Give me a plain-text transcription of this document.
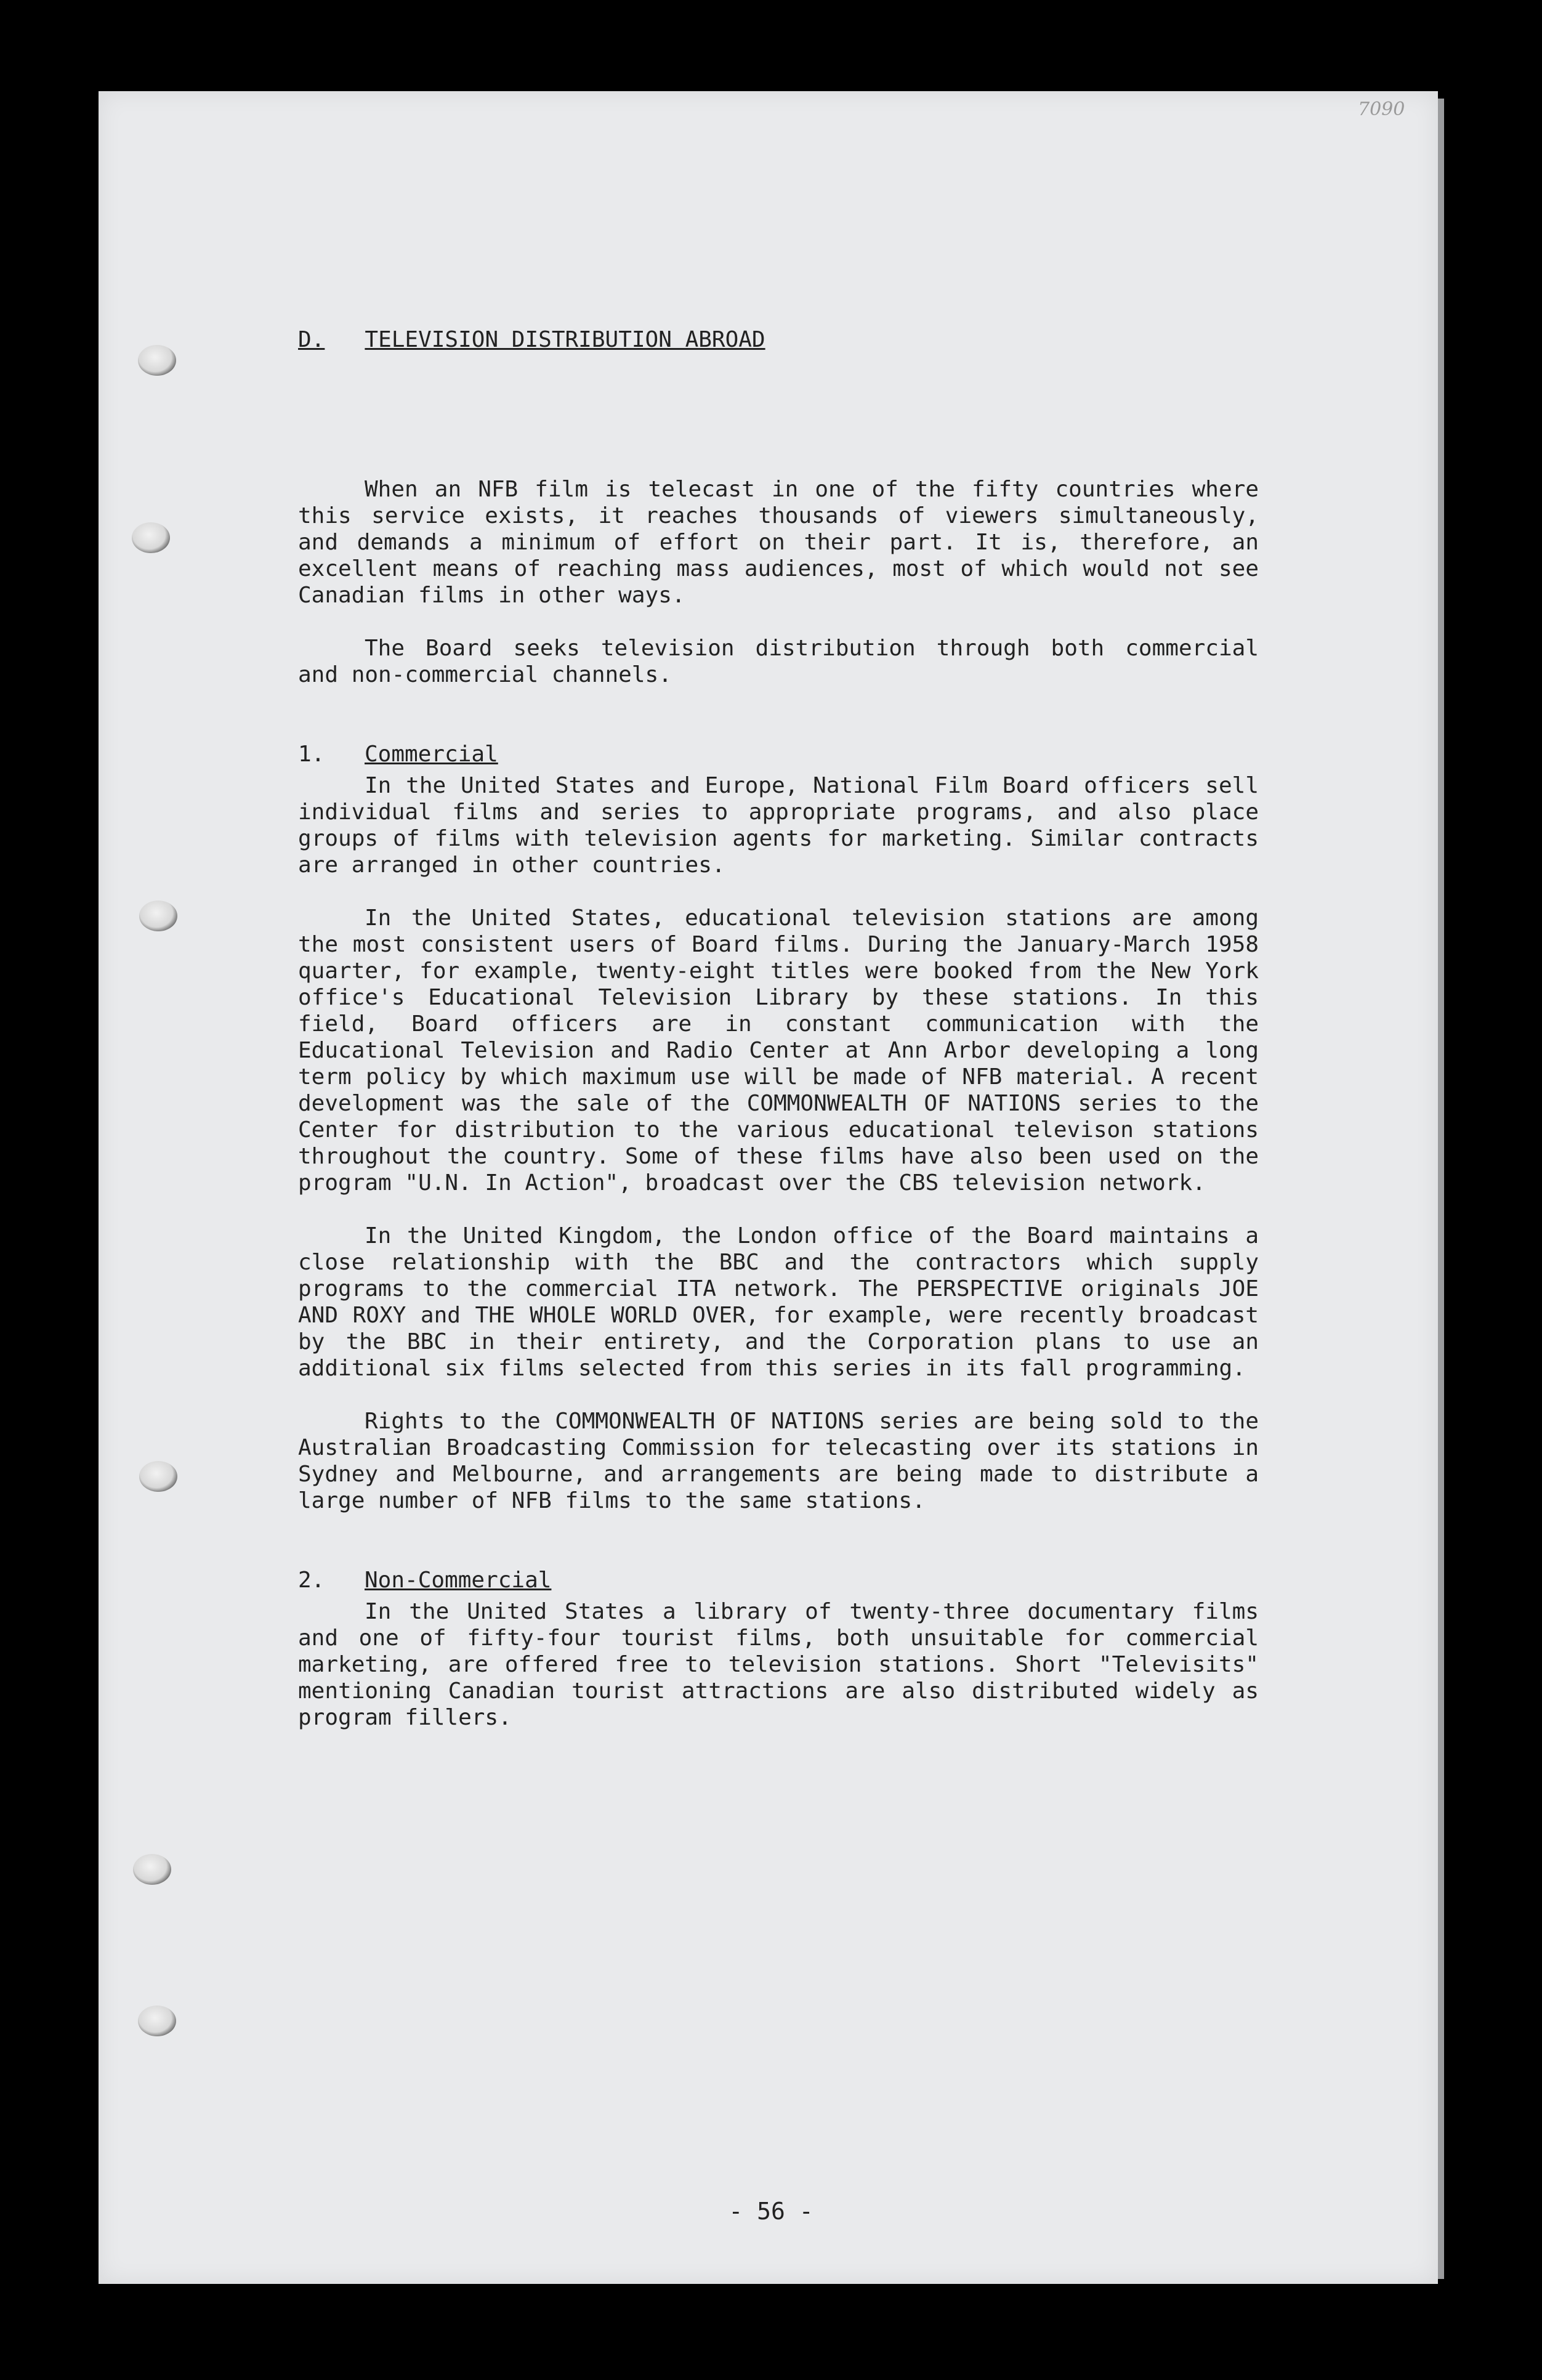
7090
D. TELEVISION DISTRIBUTION ABROAD

When an NFB film is telecast in one of the fifty countries where this service exists, it reaches thousands of viewers simultaneously, and demands a minimum of effort on their part. It is, therefore, an excellent means of reaching mass audiences, most of which would not see Canadian films in other ways.

The Board seeks television distribution through both commercial and non-commercial channels.

1. Commercial

In the United States and Europe, National Film Board officers sell individual films and series to appropriate programs, and also place groups of films with television agents for marketing. Similar contracts are arranged in other countries.

In the United States, educational television stations are among the most consistent users of Board films. During the January-March 1958 quarter, for example, twenty-eight titles were booked from the New York office's Educational Television Library by these stations. In this field, Board officers are in constant communication with the Educational Television and Radio Center at Ann Arbor developing a long term policy by which maximum use will be made of NFB material. A recent development was the sale of the COMMONWEALTH OF NATIONS series to the Center for distribution to the various educational televison stations throughout the country. Some of these films have also been used on the program "U.N. In Action", broadcast over the CBS television network.

In the United Kingdom, the London office of the Board maintains a close relationship with the BBC and the contractors which supply programs to the commercial ITA network. The PERSPECTIVE originals JOE AND ROXY and THE WHOLE WORLD OVER, for example, were recently broadcast by the BBC in their entirety, and the Corporation plans to use an additional six films selected from this series in its fall programming.

Rights to the COMMONWEALTH OF NATIONS series are being sold to the Australian Broadcasting Commission for telecasting over its stations in Sydney and Melbourne, and arrangements are being made to distribute a large number of NFB films to the same stations.

2. Non-Commercial

In the United States a library of twenty-three documentary films and one of fifty-four tourist films, both unsuitable for commercial marketing, are offered free to television stations. Short "Televisits" mentioning Canadian tourist attractions are also distributed widely as program fillers.

- 56 -
